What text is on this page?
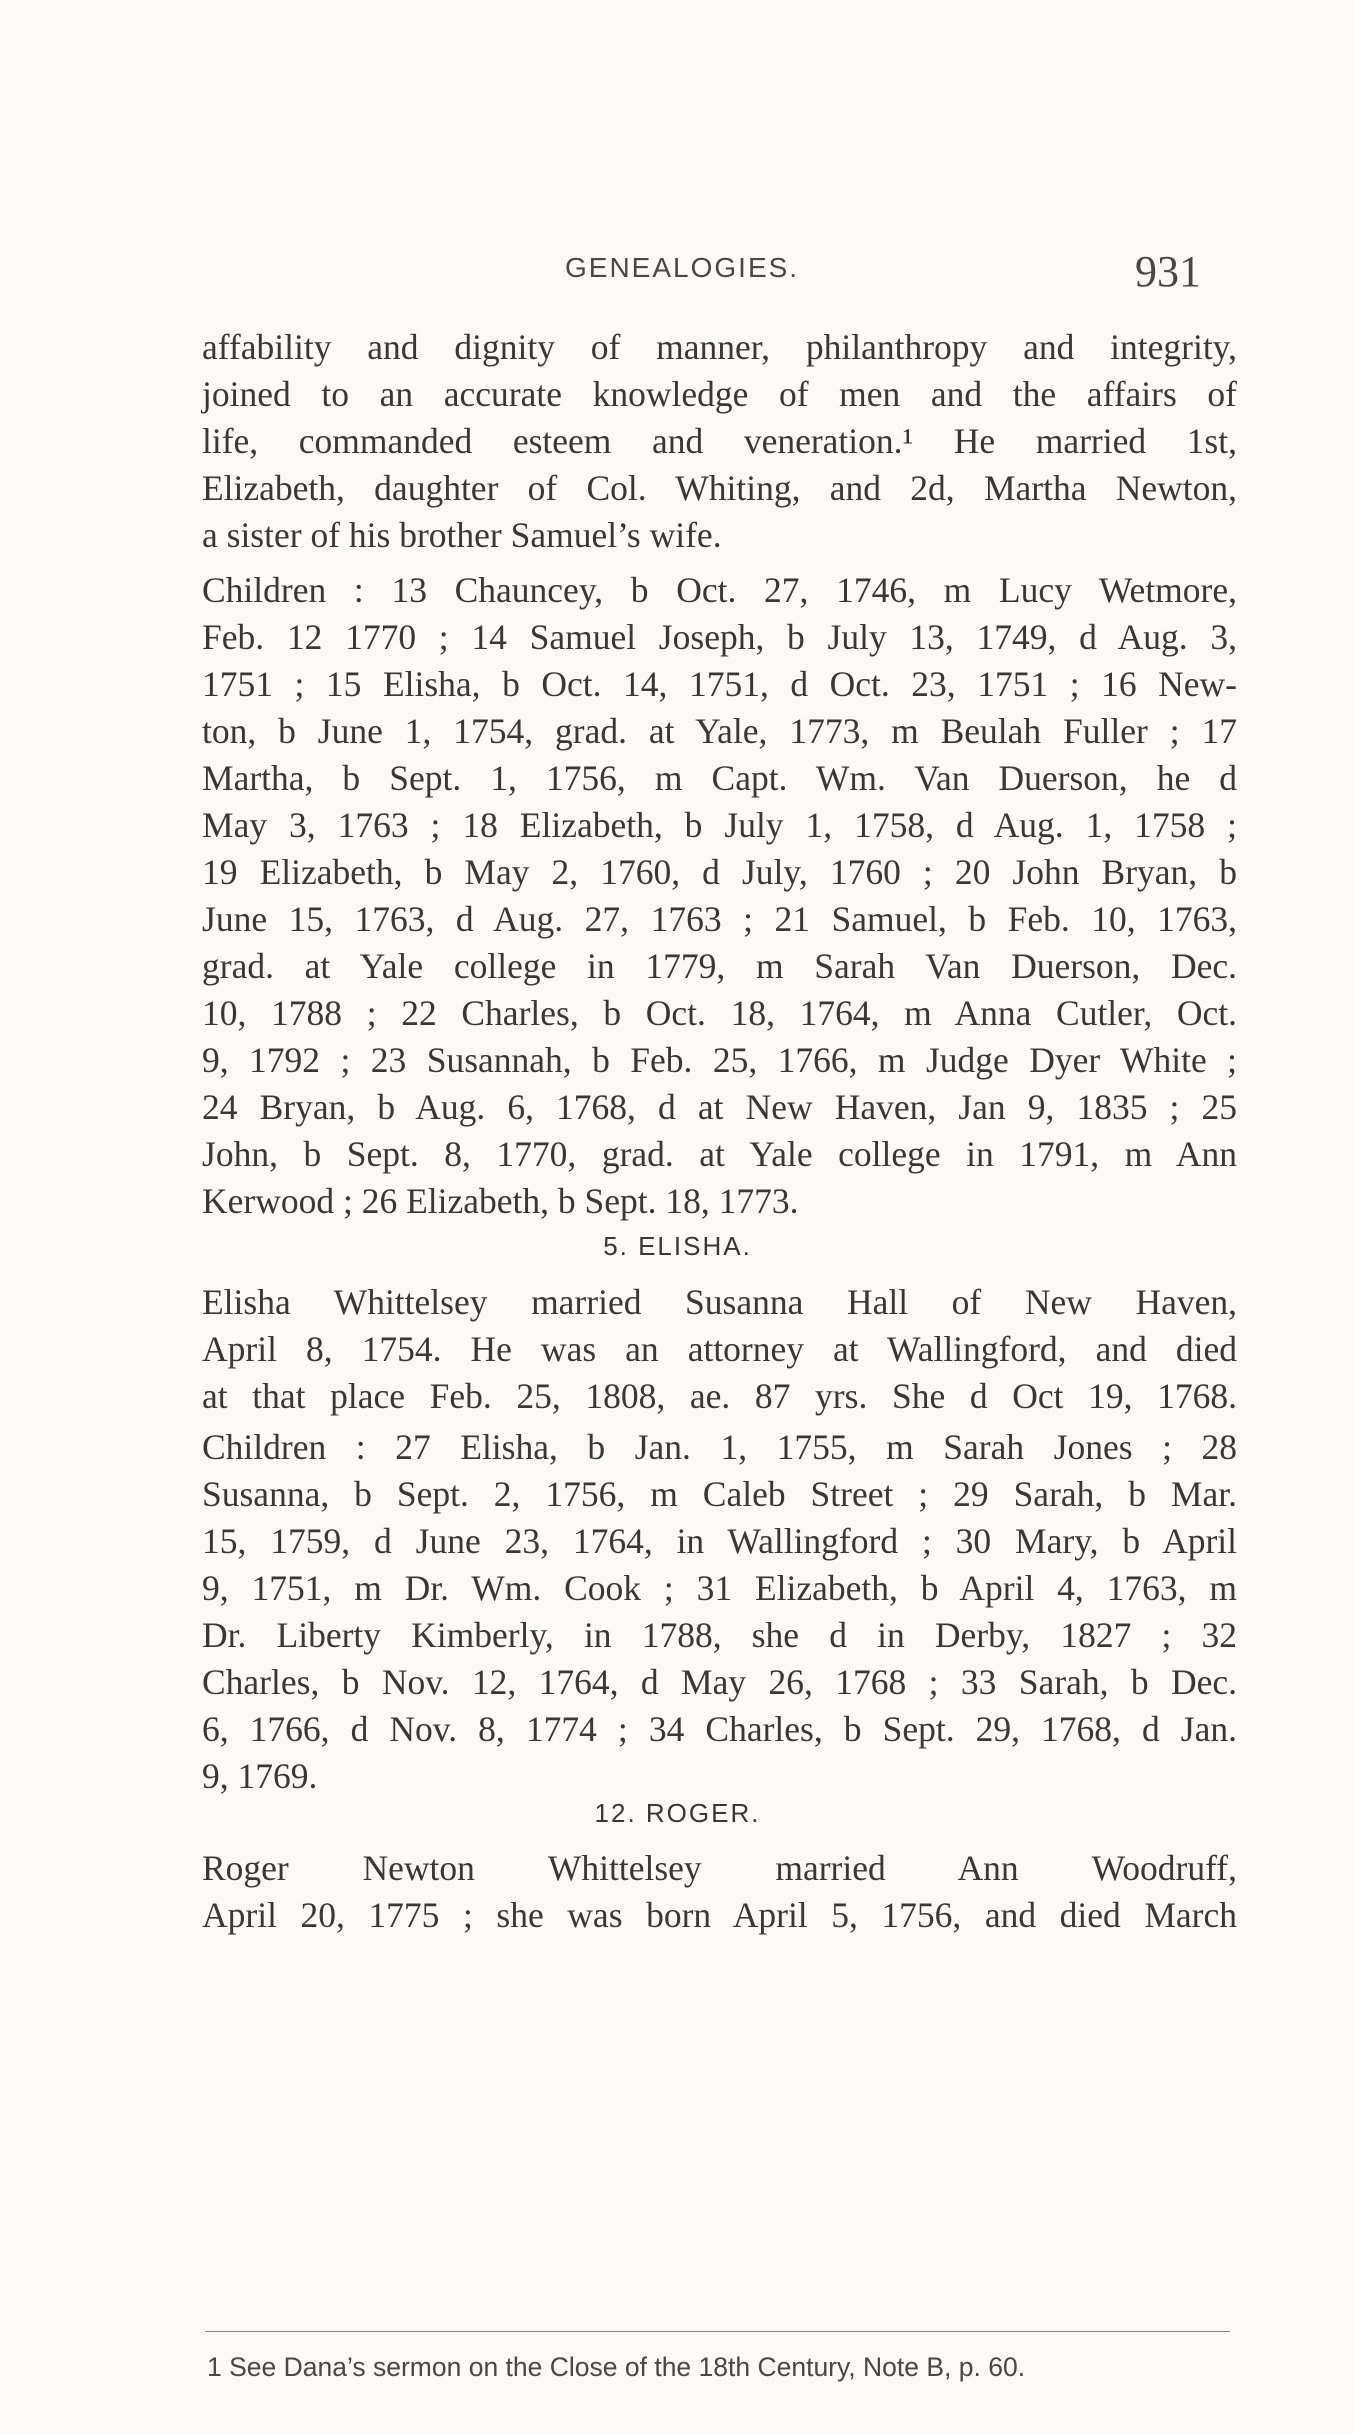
GENEALOGIES.	931
affability and dignity of manner, philanthropy and integrity,
joined to an accurate knowledge of men and the affairs of
life, commanded esteem and veneration.¹ He married 1st,
Elizabeth, daughter of Col. Whiting, and 2d, Martha Newton,
a sister of his brother Samuel’s wife.
Children : 13 Chauncey, b Oct. 27, 1746, m Lucy Wetmore,
Feb. 12 1770 ; 14 Samuel Joseph, b July 13, 1749, d Aug. 3,
1751 ; 15 Elisha, b Oct. 14, 1751, d Oct. 23, 1751 ; 16 New-
ton, b June 1, 1754, grad. at Yale, 1773, m Beulah Fuller ; 17
Martha, b Sept. 1, 1756, m Capt. Wm. Van Duerson, he d
May 3, 1763 ; 18 Elizabeth, b July 1, 1758, d Aug. 1, 1758 ;
19 Elizabeth, b May 2, 1760, d July, 1760 ; 20 John Bryan, b
June 15, 1763, d Aug. 27, 1763 ; 21 Samuel, b Feb. 10, 1763,
grad. at Yale college in 1779, m Sarah Van Duerson, Dec.
10, 1788 ; 22 Charles, b Oct. 18, 1764, m Anna Cutler, Oct.
9, 1792 ; 23 Susannah, b Feb. 25, 1766, m Judge Dyer White ;
24 Bryan, b Aug. 6, 1768, d at New Haven, Jan 9, 1835 ; 25
John, b Sept. 8, 1770, grad. at Yale college in 1791, m Ann
Kerwood ; 26 Elizabeth, b Sept. 18, 1773.
5. ELISHA.
Elisha Whittelsey married Susanna Hall of New Haven,
April 8, 1754. He was an attorney at Wallingford, and died
at that place Feb. 25, 1808, ae. 87 yrs. She d Oct 19, 1768.
Children : 27 Elisha, b Jan. 1, 1755, m Sarah Jones ; 28
Susanna, b Sept. 2, 1756, m Caleb Street ; 29 Sarah, b Mar.
15, 1759, d June 23, 1764, in Wallingford ; 30 Mary, b April
9, 1751, m Dr. Wm. Cook ; 31 Elizabeth, b April 4, 1763, m
Dr. Liberty Kimberly, in 1788, she d in Derby, 1827 ; 32
Charles, b Nov. 12, 1764, d May 26, 1768 ; 33 Sarah, b Dec.
6, 1766, d Nov. 8, 1774 ; 34 Charles, b Sept. 29, 1768, d Jan.
9, 1769.
12. ROGER.
Roger Newton Whittelsey married Ann Woodruff,
April 20, 1775 ; she was born April 5, 1756, and died March
1 See Dana’s sermon on the Close of the 18th Century, Note B, p. 60.
